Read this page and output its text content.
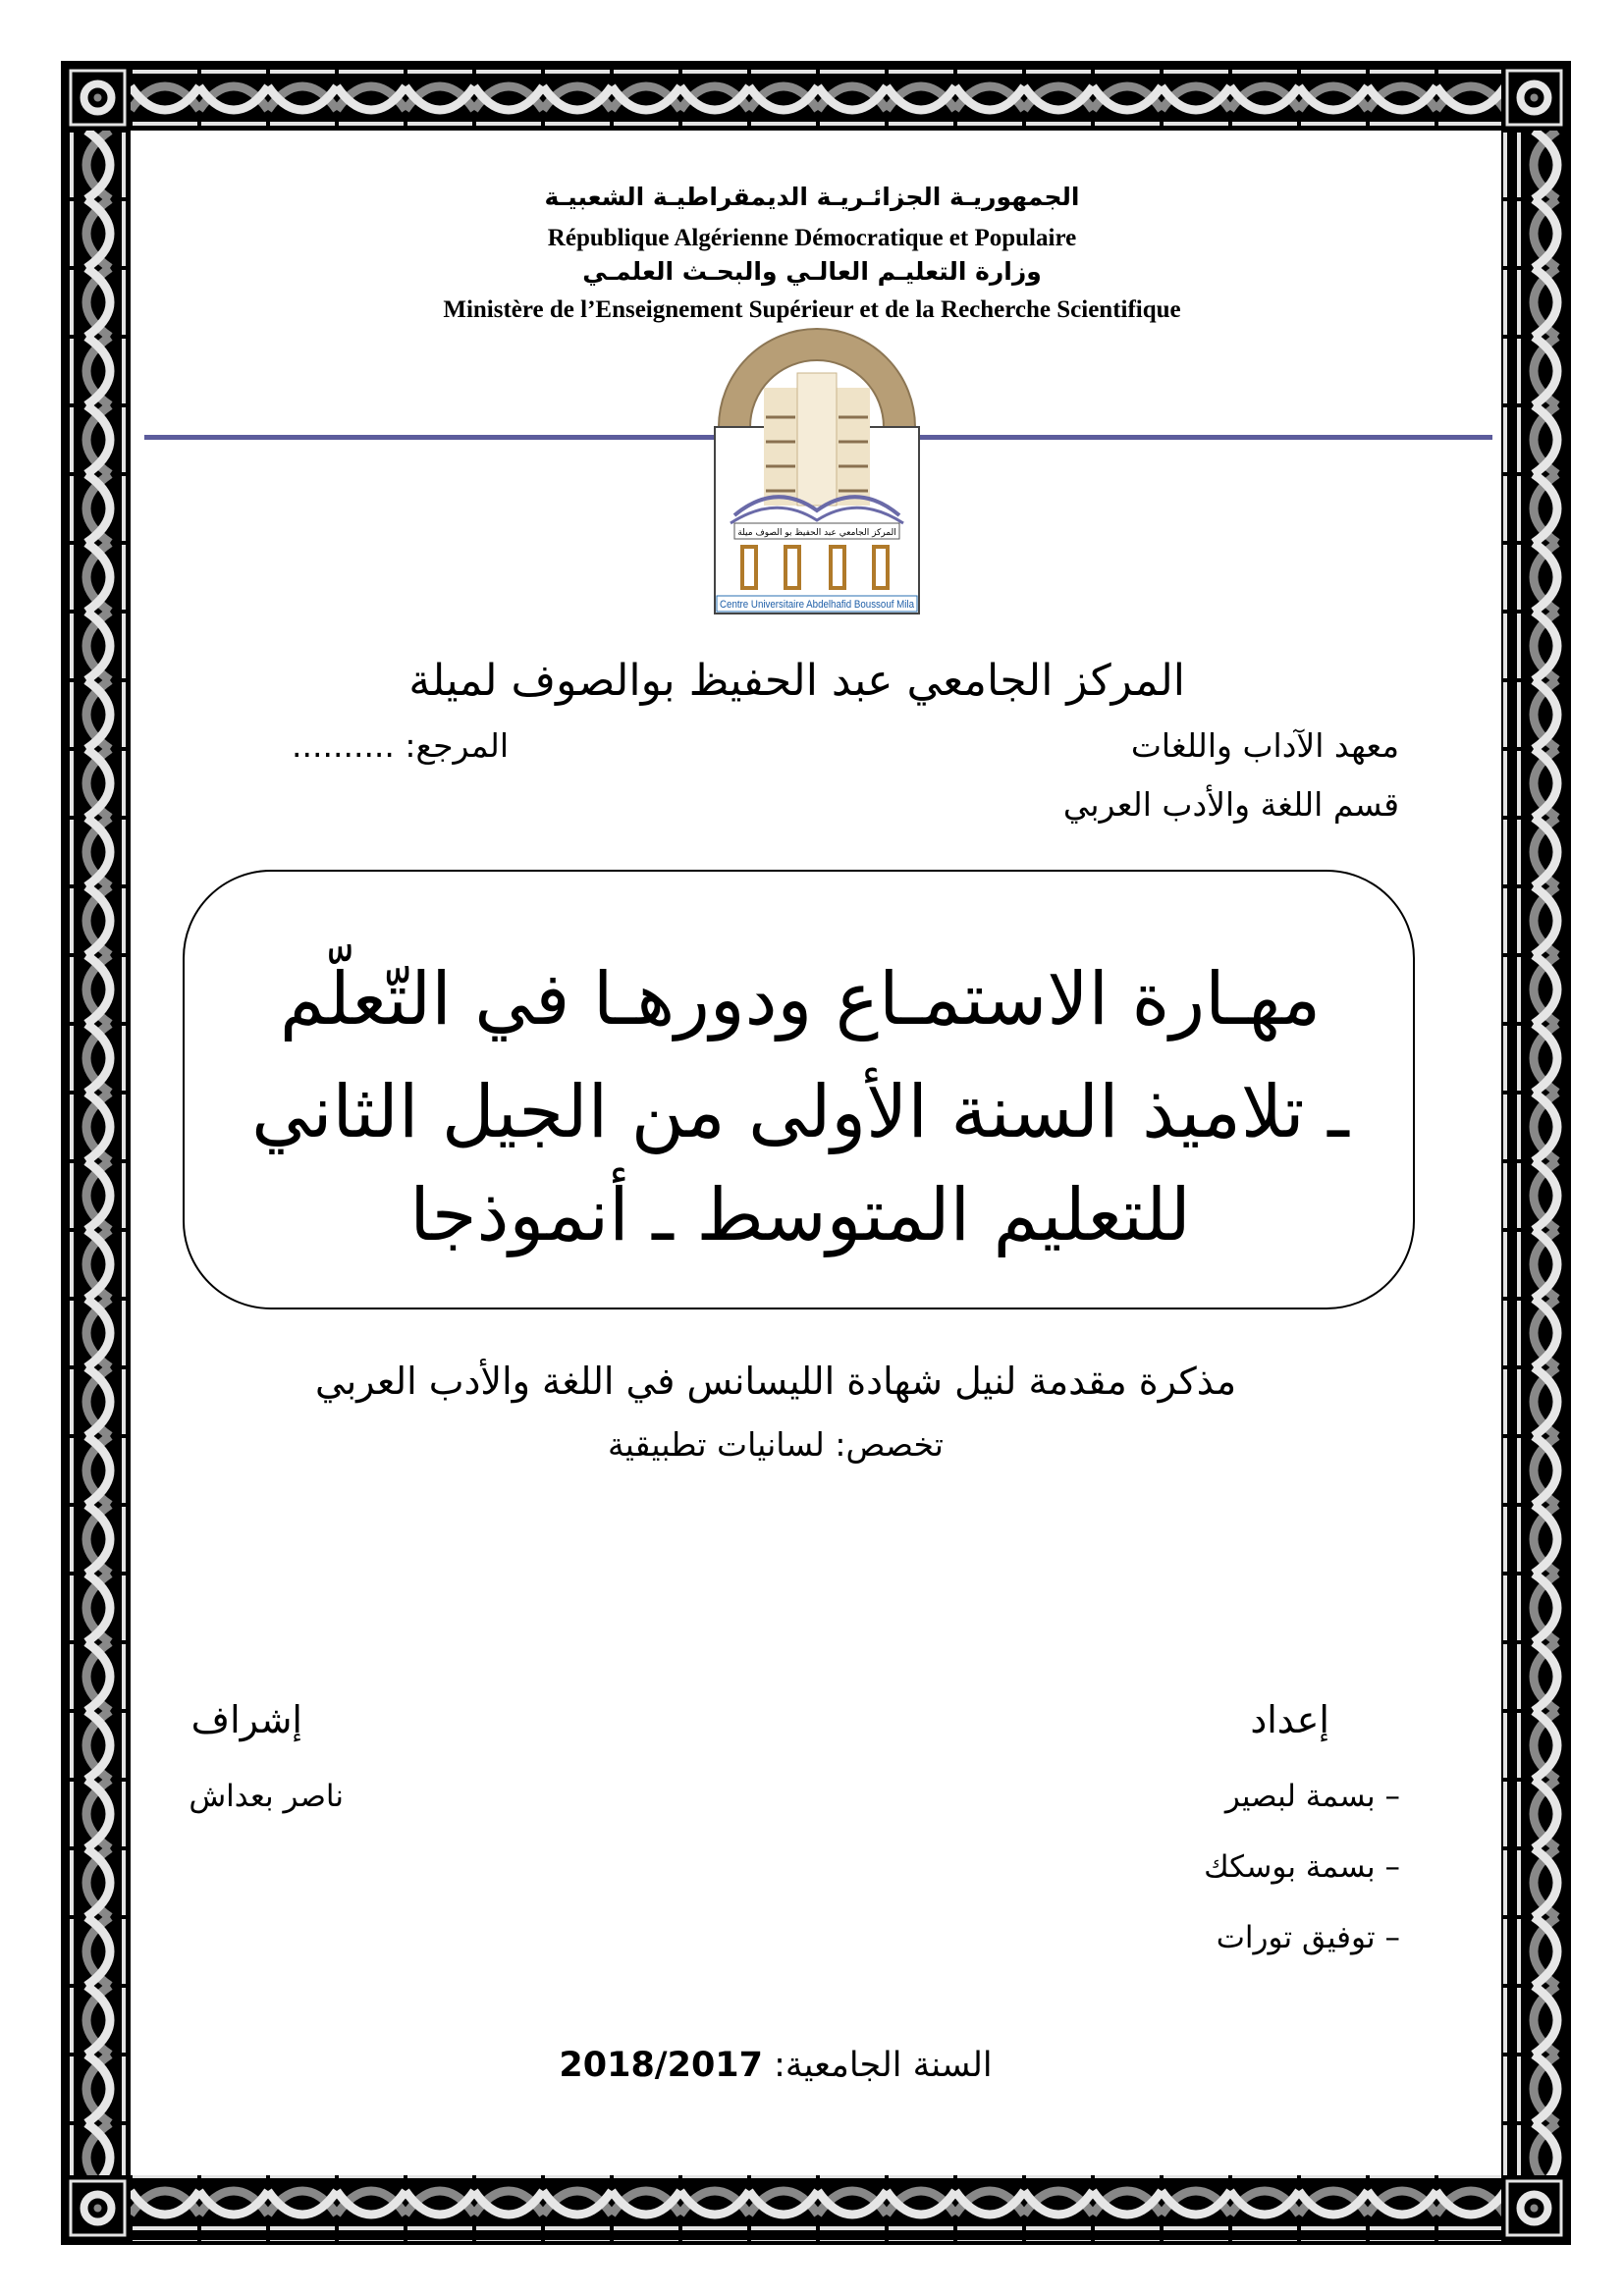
الجمهوريـة الجزائـريـة الديمقراطيـة الشعبيـة
République Algérienne Démocratique et Populaire
وزارة التعليـم العالـي والبحـث العلمـي
Ministère de l’Enseignement Supérieur et de la Recherche Scientifique
المركز الجامعي عبد الحفيظ بو الصوف ميلة
Centre Universitaire Abdelhafid Boussouf Mila
المركز الجامعي عبد الحفيظ بوالصوف لميلة
معهد الآداب واللغات
المرجع: ..........
قسم اللغة والأدب العربي
مهـارة الاستمـاع ودورهـا في التّعلّم
ـ تلاميذ السنة الأولى من الجيل الثاني
للتعليم المتوسط ـ أنموذجا
مذكرة مقدمة لنيل شهادة الليسانس في اللغة والأدب العربي
تخصص: لسانيات تطبيقية
إعداد
– بسمة لبصير
– بسمة بوسكك
– توفيق تورات
إشراف
ناصر بعداش
السنة الجامعية: 2018/2017
